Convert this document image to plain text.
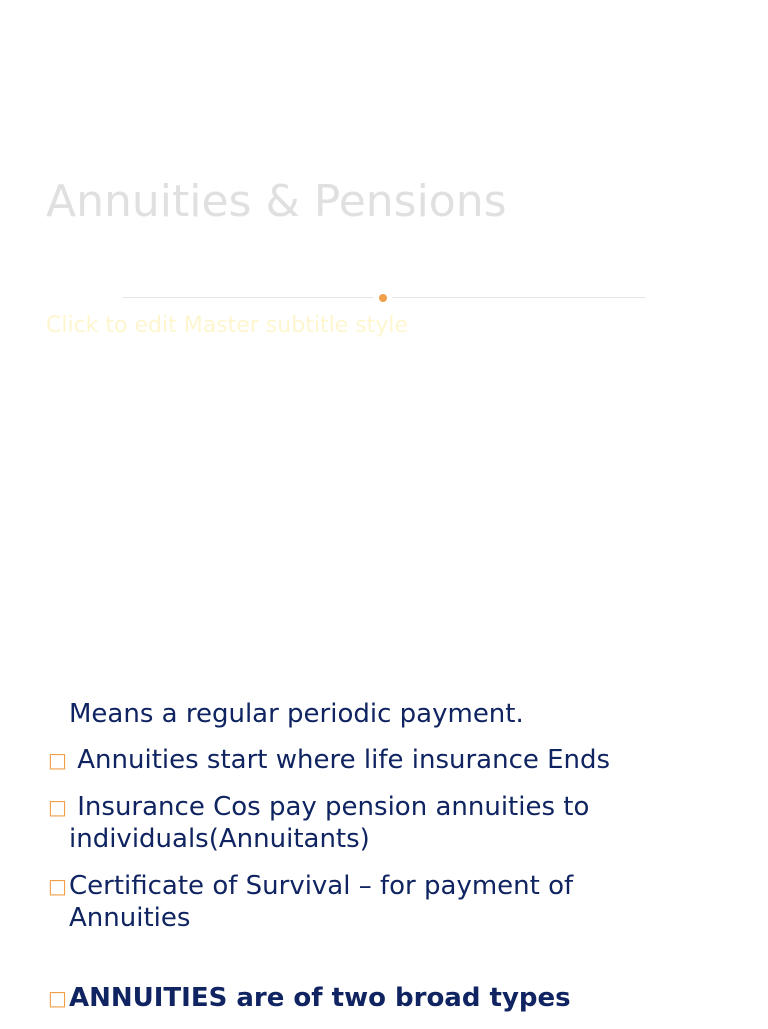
Annuities & Pensions
Click to edit Master subtitle style
Means a regular periodic payment.
□ Annuities start where life insurance Ends
□ Insurance Cos pay pension annuities to individuals(Annuitants)
□ Certificate of Survival – for payment of Annuities
□ ANNUITIES are of two broad types
